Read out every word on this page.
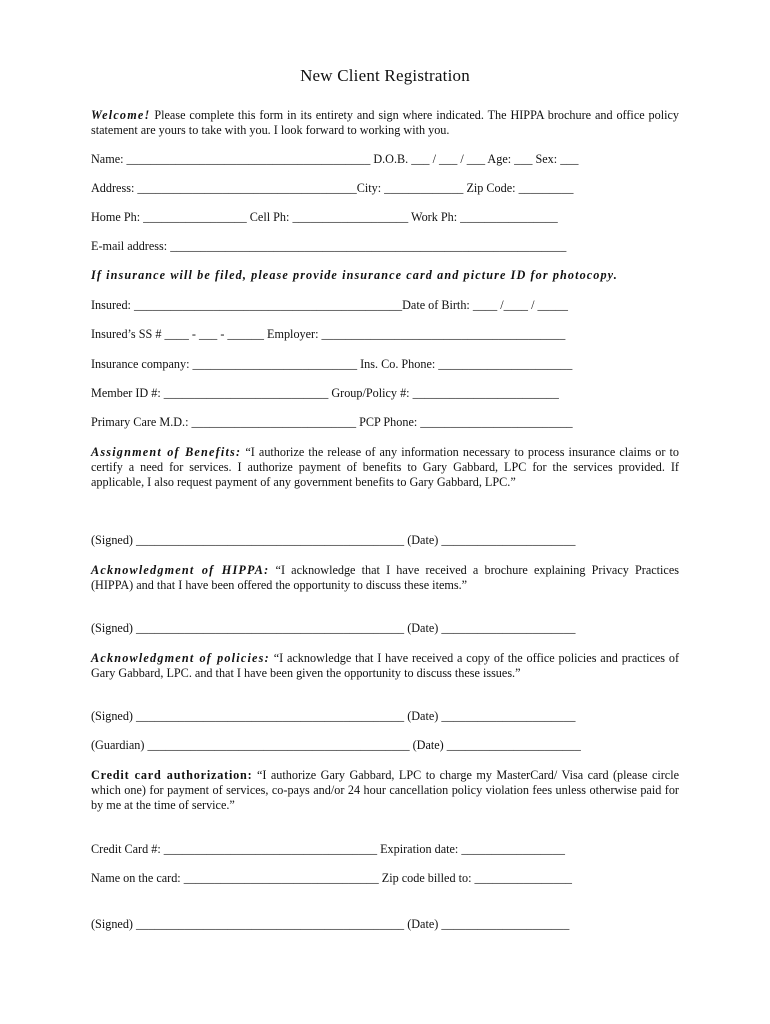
New Client Registration
Welcome! Please complete this form in its entirety and sign where indicated. The HIPPA brochure and office policy statement are yours to take with you. I look forward to working with you.
Name: ________________________________________ D.O.B. ___ / ___ / ___ Age: ___ Sex: ___
Address: ____________________________________City: _____________ Zip Code: _________
Home Ph: _________________ Cell Ph: ___________________ Work Ph: ________________
E-mail address: _________________________________________________________________
If insurance will be filed, please provide insurance card and picture ID for photocopy.
Insured: ____________________________________________Date of Birth: ____ /____ / _____
Insured’s SS # ____ - ___ - ______ Employer: ________________________________________
Insurance company: ___________________________ Ins. Co. Phone: ______________________
Member ID #: ___________________________ Group/Policy #: ________________________
Primary Care M.D.: ___________________________ PCP Phone: _________________________
Assignment of Benefits: “I authorize the release of any information necessary to process insurance claims or to certify a need for services. I authorize payment of benefits to Gary Gabbard, LPC for the services provided. If applicable, I also request payment of any government benefits to Gary Gabbard, LPC.”
(Signed) ____________________________________________ (Date) ______________________
Acknowledgment of HIPPA: “I acknowledge that I have received a brochure explaining Privacy Practices (HIPPA) and that I have been offered the opportunity to discuss these items.”
(Signed) ____________________________________________ (Date) ______________________
Acknowledgment of policies: “I acknowledge that I have received a copy of the office policies and practices of Gary Gabbard, LPC. and that I have been given the opportunity to discuss these issues.”
(Signed) ____________________________________________ (Date) ______________________
(Guardian) ___________________________________________ (Date) ______________________
Credit card authorization: “I authorize Gary Gabbard, LPC to charge my MasterCard/ Visa card (please circle which one) for payment of services, co-pays and/or 24 hour cancellation policy violation fees unless otherwise paid for by me at the time of service.”
Credit Card #: ___________________________________ Expiration date: _________________
Name on the card: ________________________________ Zip code billed to: ________________
(Signed) ____________________________________________ (Date) _____________________
